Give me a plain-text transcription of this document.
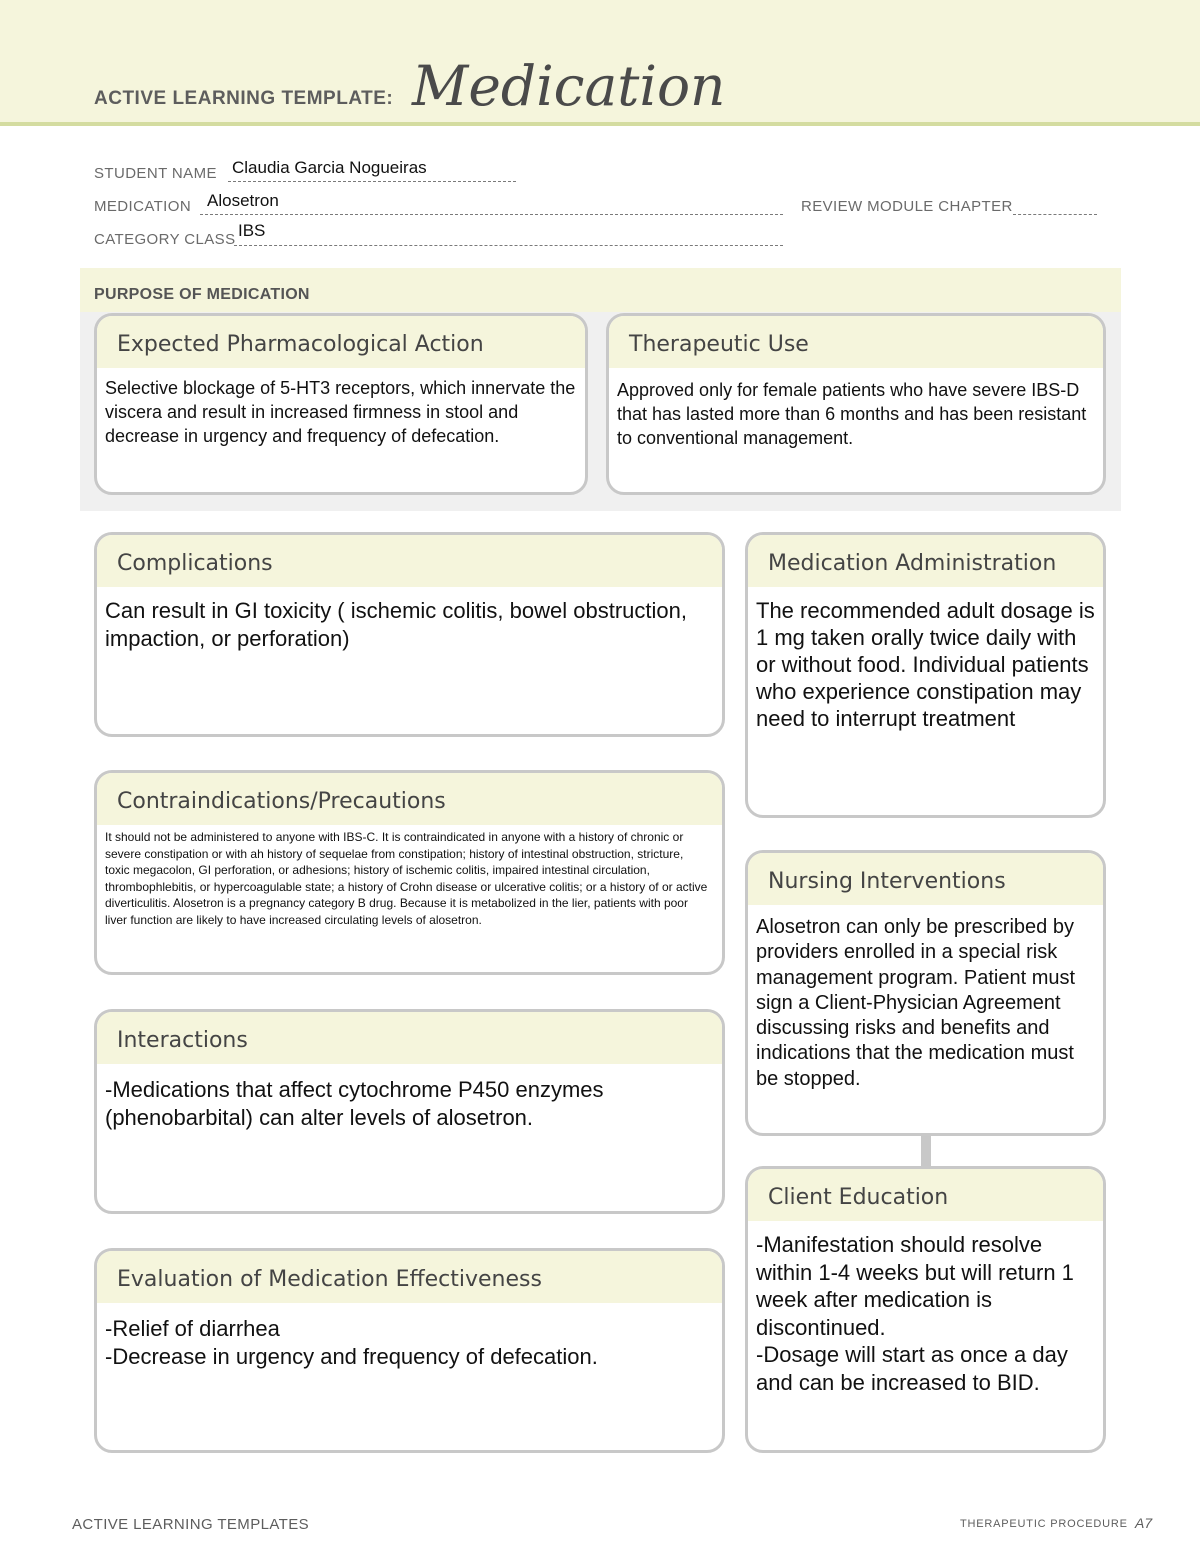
ACTIVE LEARNING TEMPLATE: Medication
STUDENT NAME Claudia Garcia Nogueiras
MEDICATION Alosetron	REVIEW MODULE CHAPTER
CATEGORY CLASS IBS
PURPOSE OF MEDICATION
Expected Pharmacological Action
Selective blockage of 5-HT3 receptors, which innervate the viscera and result in increased firmness in stool and decrease in urgency and frequency of defecation.
Therapeutic Use
Approved only for female patients who have severe IBS-D that has lasted more than 6 months and has been resistant to conventional management.
Complications
Can result in GI toxicity ( ischemic colitis, bowel obstruction, impaction, or perforation)
Contraindications/Precautions
It should not be administered to anyone with IBS-C. It is contraindicated in anyone with a history of chronic or severe constipation or with ah history of sequelae from constipation; history of intestinal obstruction, stricture, toxic megacolon, GI perforation, or adhesions; history of ischemic colitis, impaired intestinal circulation, thrombophlebitis, or hypercoagulable state; a history of Crohn disease or ulcerative colitis; or a history of or active diverticulitis. Alosetron is a pregnancy category B drug. Because it is metabolized in the lier, patients with poor liver function are likely to have increased circulating levels of alosetron.
Interactions
-Medications that affect cytochrome P450 enzymes (phenobarbital) can alter levels of alosetron.
Evaluation of Medication Effectiveness
-Relief of diarrhea
-Decrease in urgency and frequency of defecation.
Medication Administration
The recommended adult dosage is 1 mg taken orally twice daily with or without food. Individual patients who experience constipation may need to interrupt treatment
Nursing Interventions
Alosetron can only be prescribed by providers enrolled in a special risk management program. Patient must sign a Client-Physician Agreement discussing risks and benefits and indications that the medication must be stopped.
Client Education
-Manifestation should resolve within 1-4 weeks but will return 1 week after medication is discontinued.
-Dosage will start as once a day and can be increased to BID.
ACTIVE LEARNING TEMPLATES	THERAPEUTIC PROCEDURE A7
